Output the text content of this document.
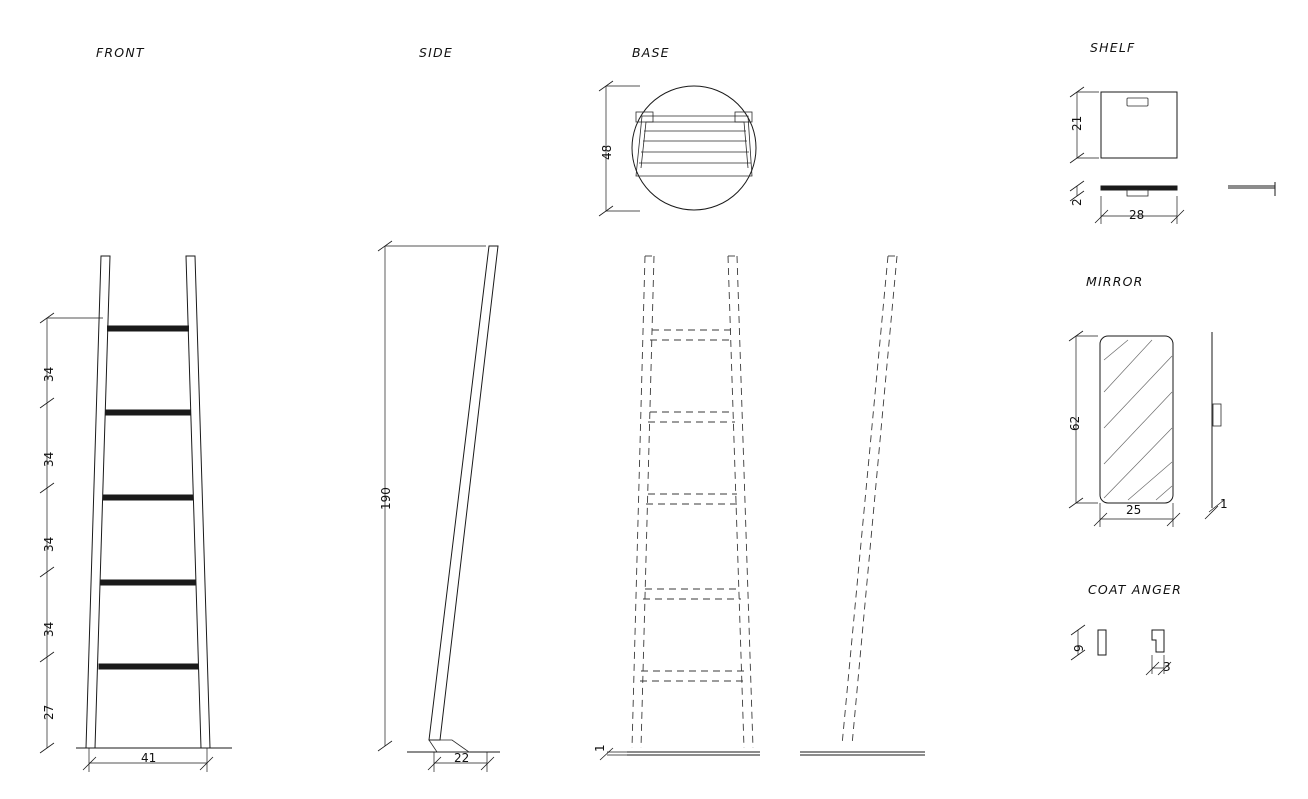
FRONT	SIDE	BASE	SHELF
MIRROR
COAT ANGER
34
34
34
34
27
41
190
22
48
1
21
2
28
62
25	1
9
3
